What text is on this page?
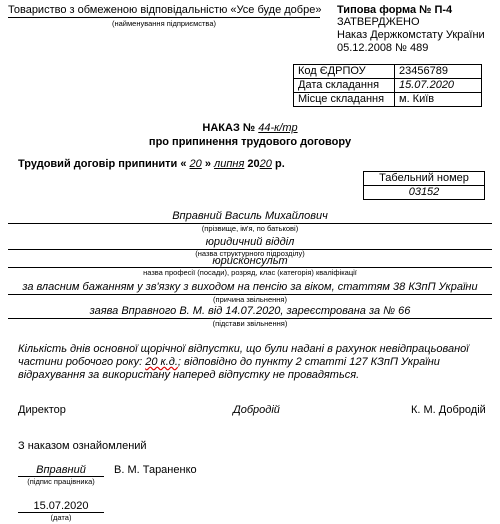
Товариство з обмеженою відповідальністю «Усе буде добре»
(найменування підприємства)
Типова форма № П-4
ЗАТВЕРДЖЕНО
Наказ Держкомстату України
05.12.2008 № 489
Код ЄДРПОУ	23456789
Дата складання	15.07.2020
Місце складання	м. Київ
НАКАЗ № 44-к/тр
про припинення трудового договору
Трудовий договір припинити « 20 » липня 2020 р.
Табельний номер
03152
Вправний Василь Михайлович
(прізвище, ім'я, по батькові)
юридичний відділ
(назва структурного підрозділу)
юрисконсульт
назва професії (посади), розряд, клас (категорія) кваліфікації
за власним бажанням у зв'язку з виходом на пенсію за віком, статтям 38 КЗпП України
(причина звільнення)
заява Вправного В. М. від 14.07.2020, зареєстрована за № 66
(підстави звільнення)
Кількість днів основної щорічної відпустки, що були надані в рахунок невідпрацьованої
частини робочого року: 20 к.д.; відповідно до пункту 2 статті 127 КЗпП України
відрахування за використану наперед відпустку не провадяться.
Директор	Добродій	К. М. Добродій
З наказом ознайомлений
Вправний	В. М. Тараненко
(підпис працівника)
15.07.2020
(дата)
